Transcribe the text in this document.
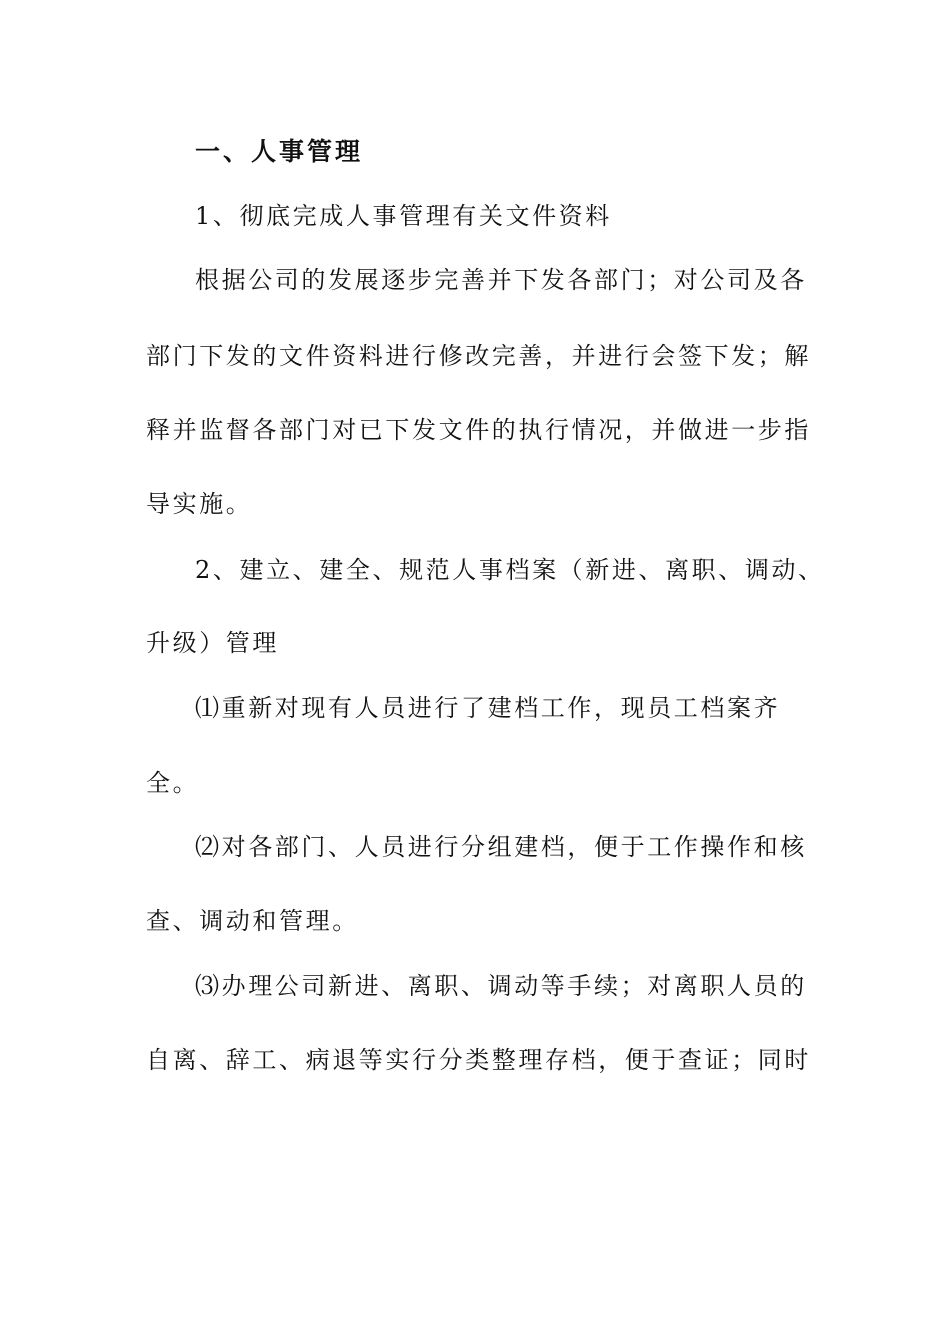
一、人事管理
1、彻底完成人事管理有关文件资料
根据公司的发展逐步完善并下发各部门；对公司及各
部门下发的文件资料进行修改完善，并进行会签下发；解
释并监督各部门对已下发文件的执行情况，并做进一步指
导实施。
2、建立、建全、规范人事档案（新进、离职、调动、
升级）管理
⑴重新对现有人员进行了建档工作，现员工档案齐
全。
⑵对各部门、人员进行分组建档，便于工作操作和核
查、调动和管理。
⑶办理公司新进、离职、调动等手续；对离职人员的
自离、辞工、病退等实行分类整理存档，便于查证；同时
